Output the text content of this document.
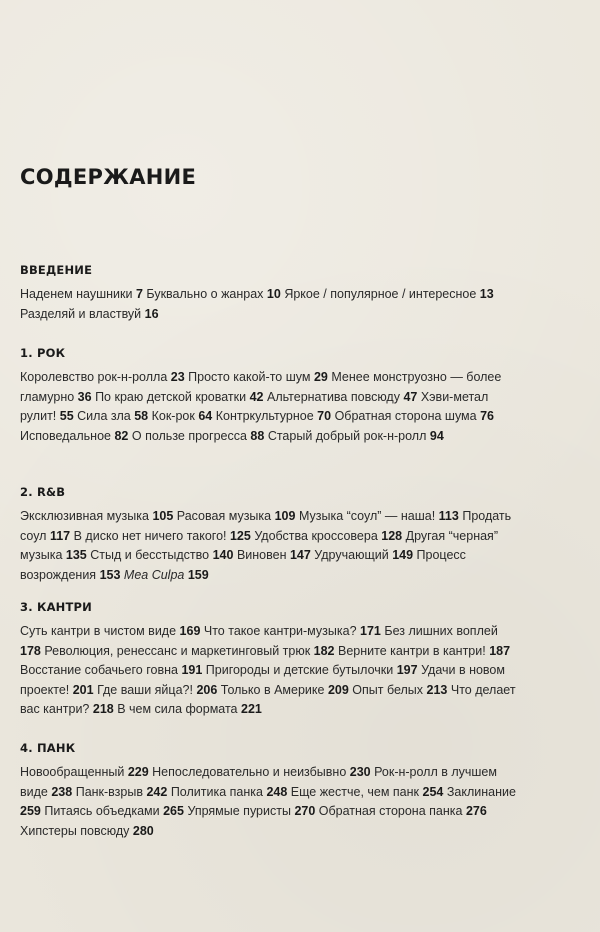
СОДЕРЖАНИЕ
ВВЕДЕНИЕ

Наденем наушники 7 Буквально о жанрах 10 Яркое / популярное / интересное 13 Разделяй и властвуй 16

1. РОК

Королевство рок-н-ролла 23 Просто какой-то шум 29 Менее монструозно — более гламурно 36 По краю детской кроватки 42 Альтернатива повсюду 47 Хэви-метал рулит! 55 Сила зла 58 Кок-рок 64 Контркультурное 70 Обратная сторона шума 76 Исповедальное 82 О пользе прогресса 88 Старый добрый рок-н-ролл 94

2. R&B

Эксклюзивная музыка 105 Расовая музыка 109 Музыка “соул” — наша! 113 Продать соул 117 В диско нет ничего такого! 125 Удобства кроссовера 128 Другая “черная” музыка 135 Стыд и бесстыдство 140 Виновен 147 Удручающий 149 Процесс возрождения 153 Mea Culpa 159

3. КАНТРИ

Суть кантри в чистом виде 169 Что такое кантри-музыка? 171 Без лишних воплей 178 Революция, ренессанс и маркетинговый трюк 182 Верните кантри в кантри! 187 Восстание собачьего говна 191 Пригороды и детские бутылочки 197 Удачи в новом проекте! 201 Где ваши яйца?! 206 Только в Америке 209 Опыт белых 213 Что делает вас кантри? 218 В чем сила формата 221

4. ПАНК

Новообращенный 229 Непоследовательно и неизбывно 230 Рок-н-ролл в лучшем виде 238 Панк-взрыв 242 Политика панка 248 Еще жестче, чем панк 254 Заклинание 259 Питаясь объедками 265 Упрямые пуристы 270 Обратная сторона панка 276 Хипстеры повсюду 280
